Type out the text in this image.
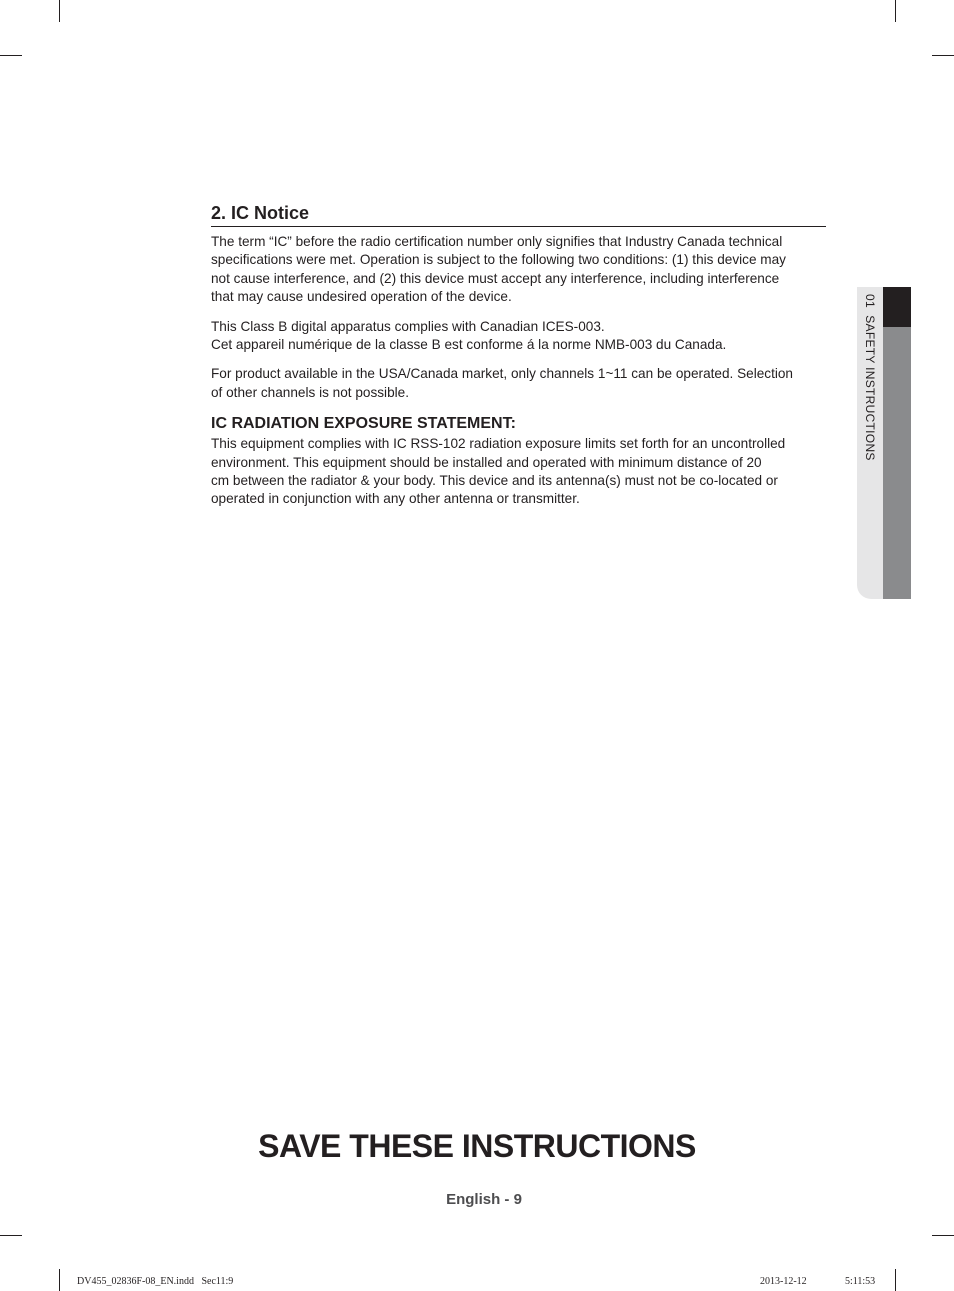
2. IC Notice

The term “IC” before the radio certification number only signifies that Industry Canada technical
specifications were met. Operation is subject to the following two conditions: (1) this device may
not cause interference, and (2) this device must accept any interference, including interference
that may cause undesired operation of the device.

This Class B digital apparatus complies with Canadian ICES-003.
Cet appareil numérique de la classe B est conforme á la norme NMB-003 du Canada.

For product available in the USA/Canada market, only channels 1~11 can be operated. Selection
of other channels is not possible.

IC RADIATION EXPOSURE STATEMENT:

This equipment complies with IC RSS-102 radiation exposure limits set forth for an uncontrolled
environment. This equipment should be installed and operated with minimum distance of 20
cm between the radiator & your body. This device and its antenna(s) must not be co-located or
operated in conjunction with any other antenna or transmitter.

01  SAFETY INSTRUCTIONS
SAVE THESE INSTRUCTIONS
English - 9
DV455_02836F-08_EN.indd   Sec11:9	2013-12-12	5:11:53
